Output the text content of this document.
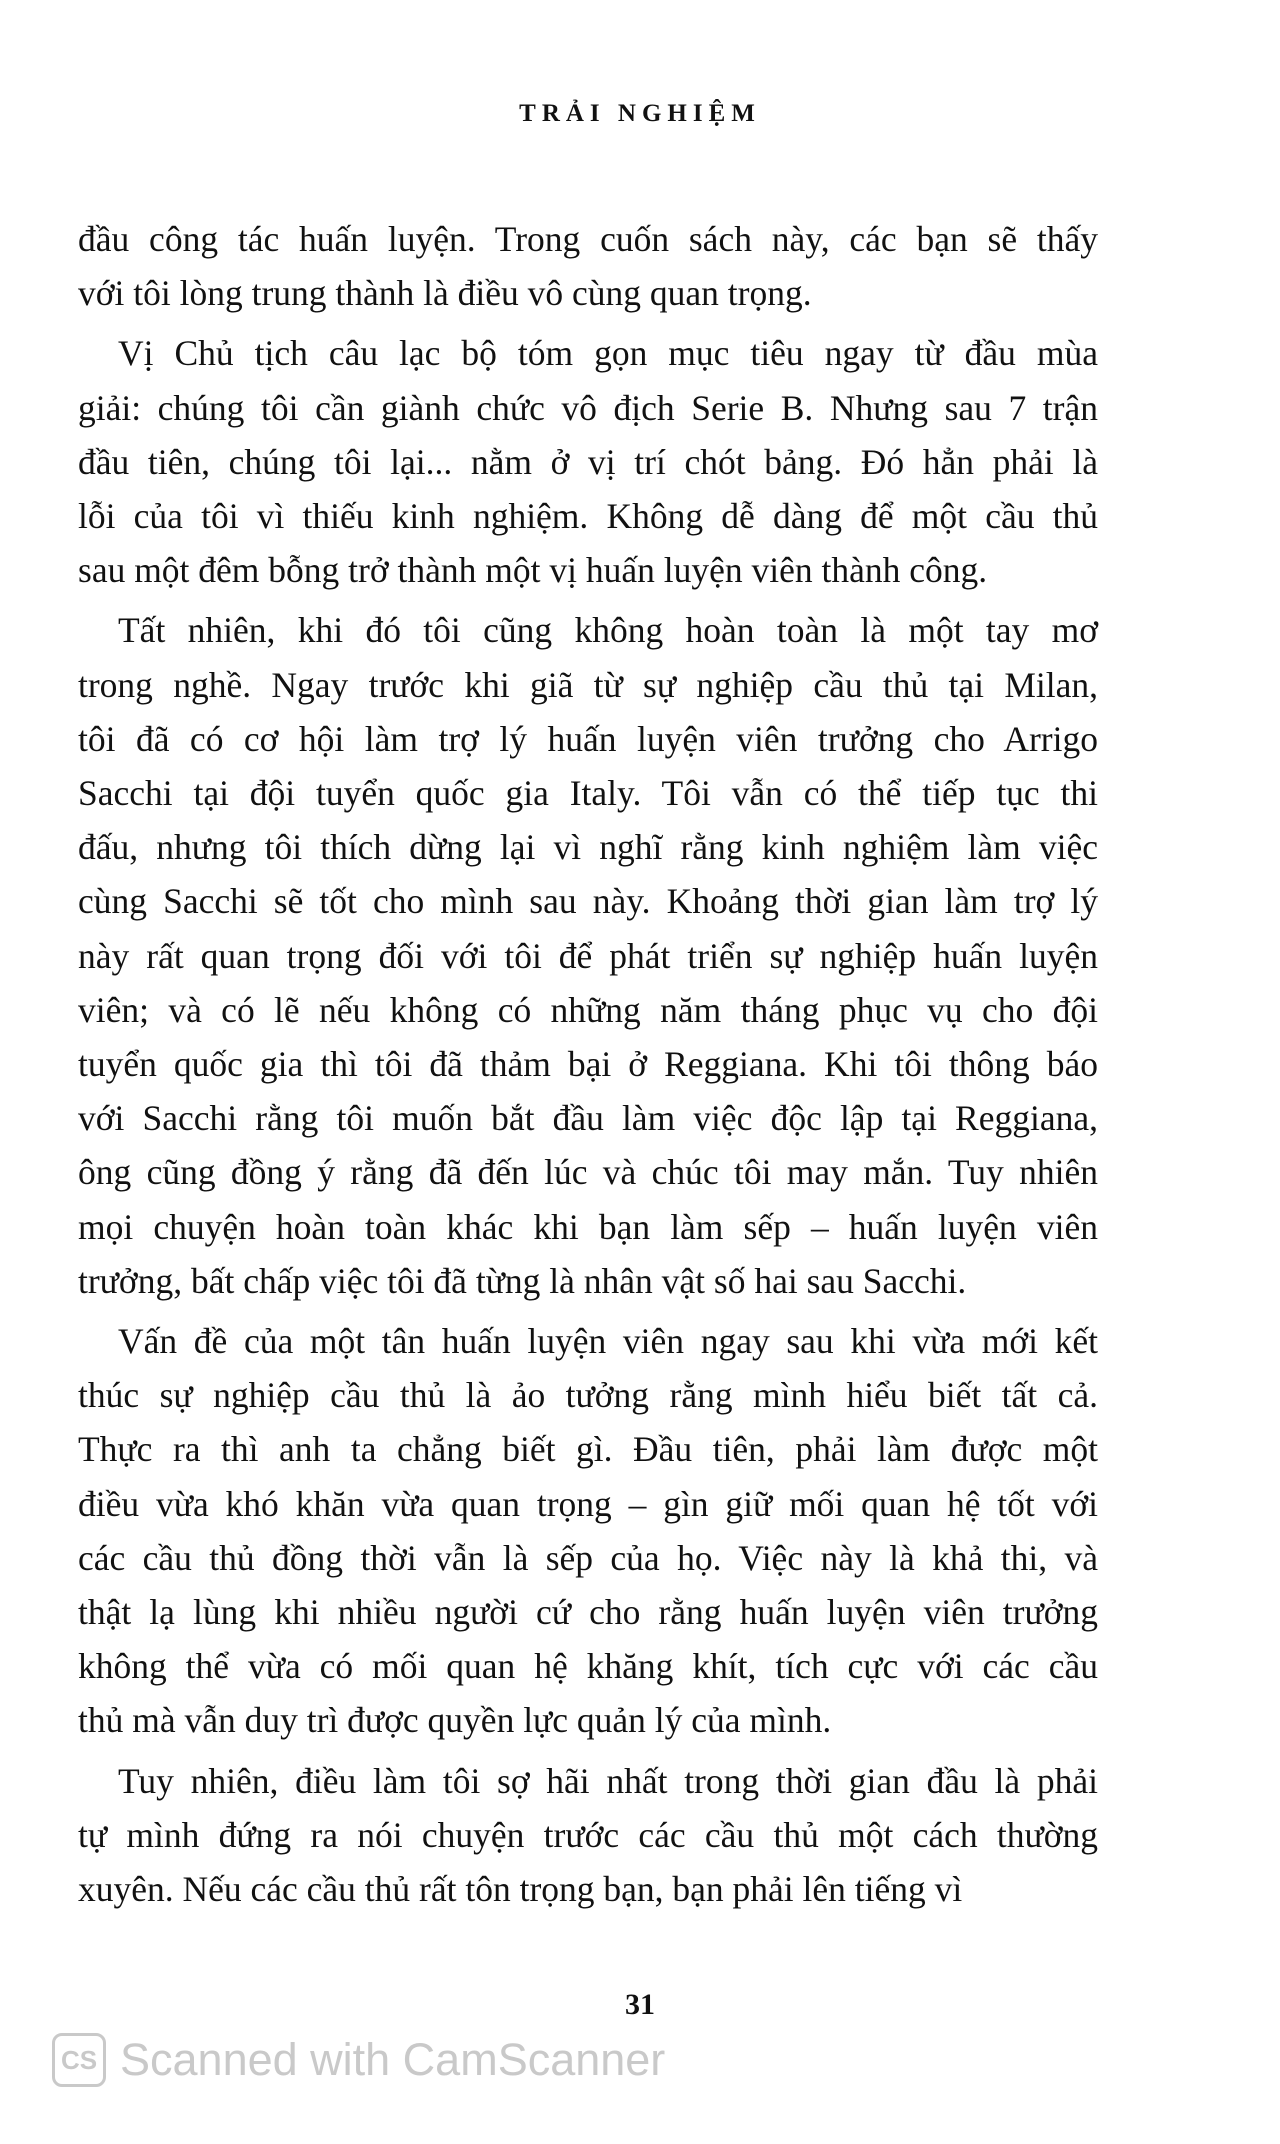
TRẢI NGHIỆM

đầu công tác huấn luyện. Trong cuốn sách này, các bạn sẽ thấy
với tôi lòng trung thành là điều vô cùng quan trọng.

Vị Chủ tịch câu lạc bộ tóm gọn mục tiêu ngay từ đầu mùa
giải: chúng tôi cần giành chức vô địch Serie B. Nhưng sau 7 trận
đầu tiên, chúng tôi lại... nằm ở vị trí chót bảng. Đó hẳn phải là
lỗi của tôi vì thiếu kinh nghiệm. Không dễ dàng để một cầu thủ
sau một đêm bỗng trở thành một vị huấn luyện viên thành công.

Tất nhiên, khi đó tôi cũng không hoàn toàn là một tay mơ
trong nghề. Ngay trước khi giã từ sự nghiệp cầu thủ tại Milan,
tôi đã có cơ hội làm trợ lý huấn luyện viên trưởng cho Arrigo
Sacchi tại đội tuyển quốc gia Italy. Tôi vẫn có thể tiếp tục thi
đấu, nhưng tôi thích dừng lại vì nghĩ rằng kinh nghiệm làm việc
cùng Sacchi sẽ tốt cho mình sau này. Khoảng thời gian làm trợ lý
này rất quan trọng đối với tôi để phát triển sự nghiệp huấn luyện
viên; và có lẽ nếu không có những năm tháng phục vụ cho đội
tuyển quốc gia thì tôi đã thảm bại ở Reggiana. Khi tôi thông báo
với Sacchi rằng tôi muốn bắt đầu làm việc độc lập tại Reggiana,
ông cũng đồng ý rằng đã đến lúc và chúc tôi may mắn. Tuy nhiên
mọi chuyện hoàn toàn khác khi bạn làm sếp – huấn luyện viên
trưởng, bất chấp việc tôi đã từng là nhân vật số hai sau Sacchi.

Vấn đề của một tân huấn luyện viên ngay sau khi vừa mới kết
thúc sự nghiệp cầu thủ là ảo tưởng rằng mình hiểu biết tất cả.
Thực ra thì anh ta chẳng biết gì. Đầu tiên, phải làm được một
điều vừa khó khăn vừa quan trọng – gìn giữ mối quan hệ tốt với
các cầu thủ đồng thời vẫn là sếp của họ. Việc này là khả thi, và
thật lạ lùng khi nhiều người cứ cho rằng huấn luyện viên trưởng
không thể vừa có mối quan hệ khăng khít, tích cực với các cầu
thủ mà vẫn duy trì được quyền lực quản lý của mình.

Tuy nhiên, điều làm tôi sợ hãi nhất trong thời gian đầu là phải
tự mình đứng ra nói chuyện trước các cầu thủ một cách thường
xuyên. Nếu các cầu thủ rất tôn trọng bạn, bạn phải lên tiếng vì

31
CS Scanned with CamScanner
